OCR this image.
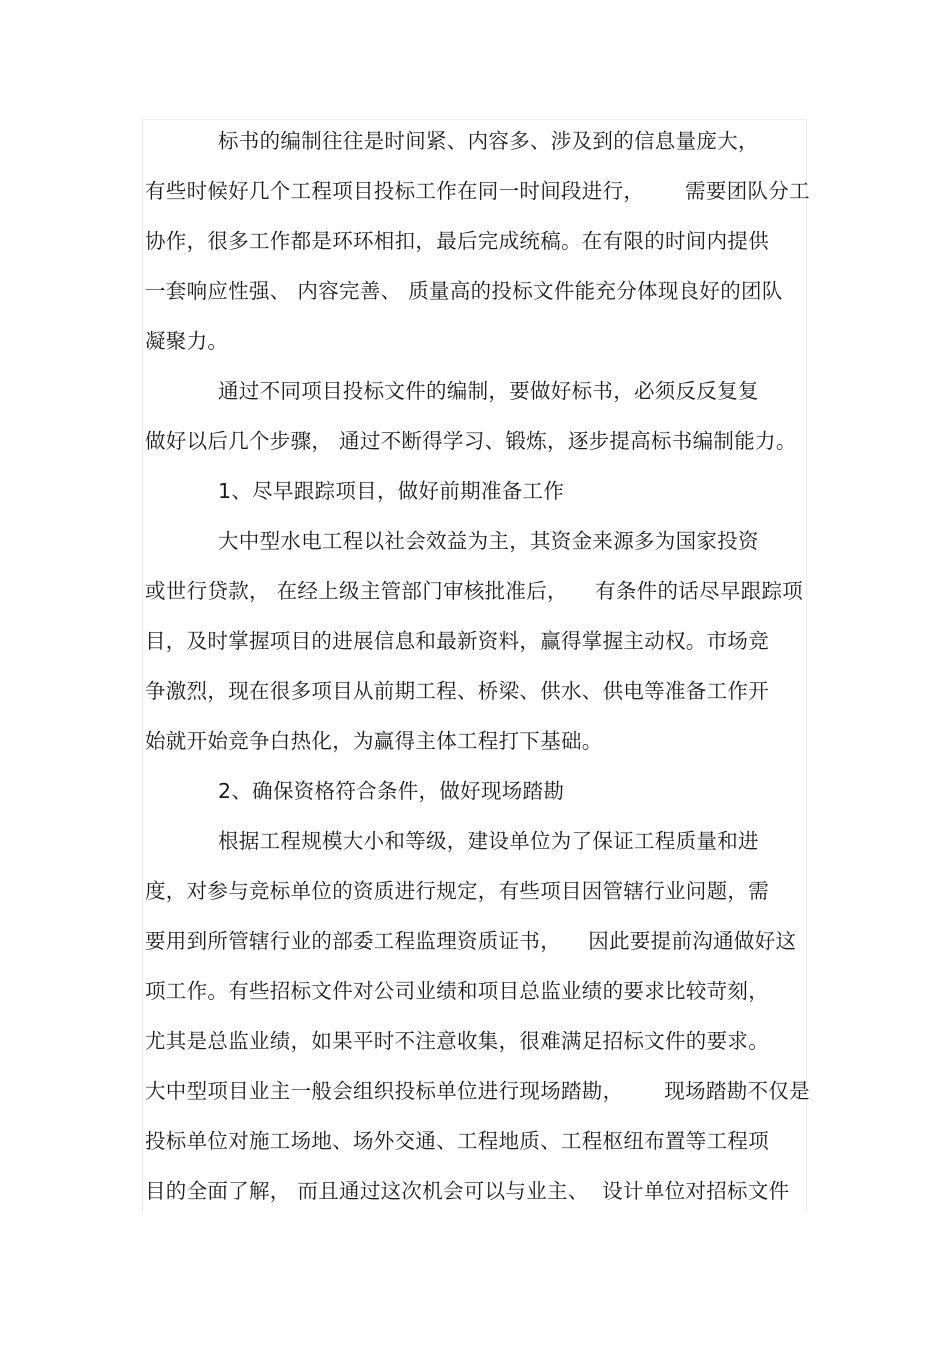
标书的编制往往是时间紧、内容多、涉及到的信息量庞大，
有些时候好几个工程项目投标工作在同一时间段进行，      需要团队分工
协作，很多工作都是环环相扣，最后完成统稿。在有限的时间内提供
一套响应性强、 内容完善、 质量高的投标文件能充分体现良好的团队
凝聚力。
通过不同项目投标文件的编制，要做好标书，必须反反复复
做好以后几个步骤， 通过不断得学习、锻炼，逐步提高标书编制能力。
1、尽早跟踪项目，做好前期准备工作
大中型水电工程以社会效益为主，其资金来源多为国家投资
或世行贷款， 在经上级主管部门审核批准后，    有条件的话尽早跟踪项
目，及时掌握项目的进展信息和最新资料，赢得掌握主动权。市场竞
争激烈，现在很多项目从前期工程、桥梁、供水、供电等准备工作开
始就开始竞争白热化，为赢得主体工程打下基础。
2、确保资格符合条件，做好现场踏勘
根据工程规模大小和等级，建设单位为了保证工程质量和进
度，对参与竞标单位的资质进行规定，有些项目因管辖行业问题，需
要用到所管辖行业的部委工程监理资质证书，    因此要提前沟通做好这
项工作。有些招标文件对公司业绩和项目总监业绩的要求比较苛刻，
尤其是总监业绩，如果平时不注意收集，很难满足招标文件的要求。
大中型项目业主一般会组织投标单位进行现场踏勘，      现场踏勘不仅是
投标单位对施工场地、场外交通、工程地质、工程枢纽布置等工程项
目的全面了解， 而且通过这次机会可以与业主、  设计单位对招标文件
